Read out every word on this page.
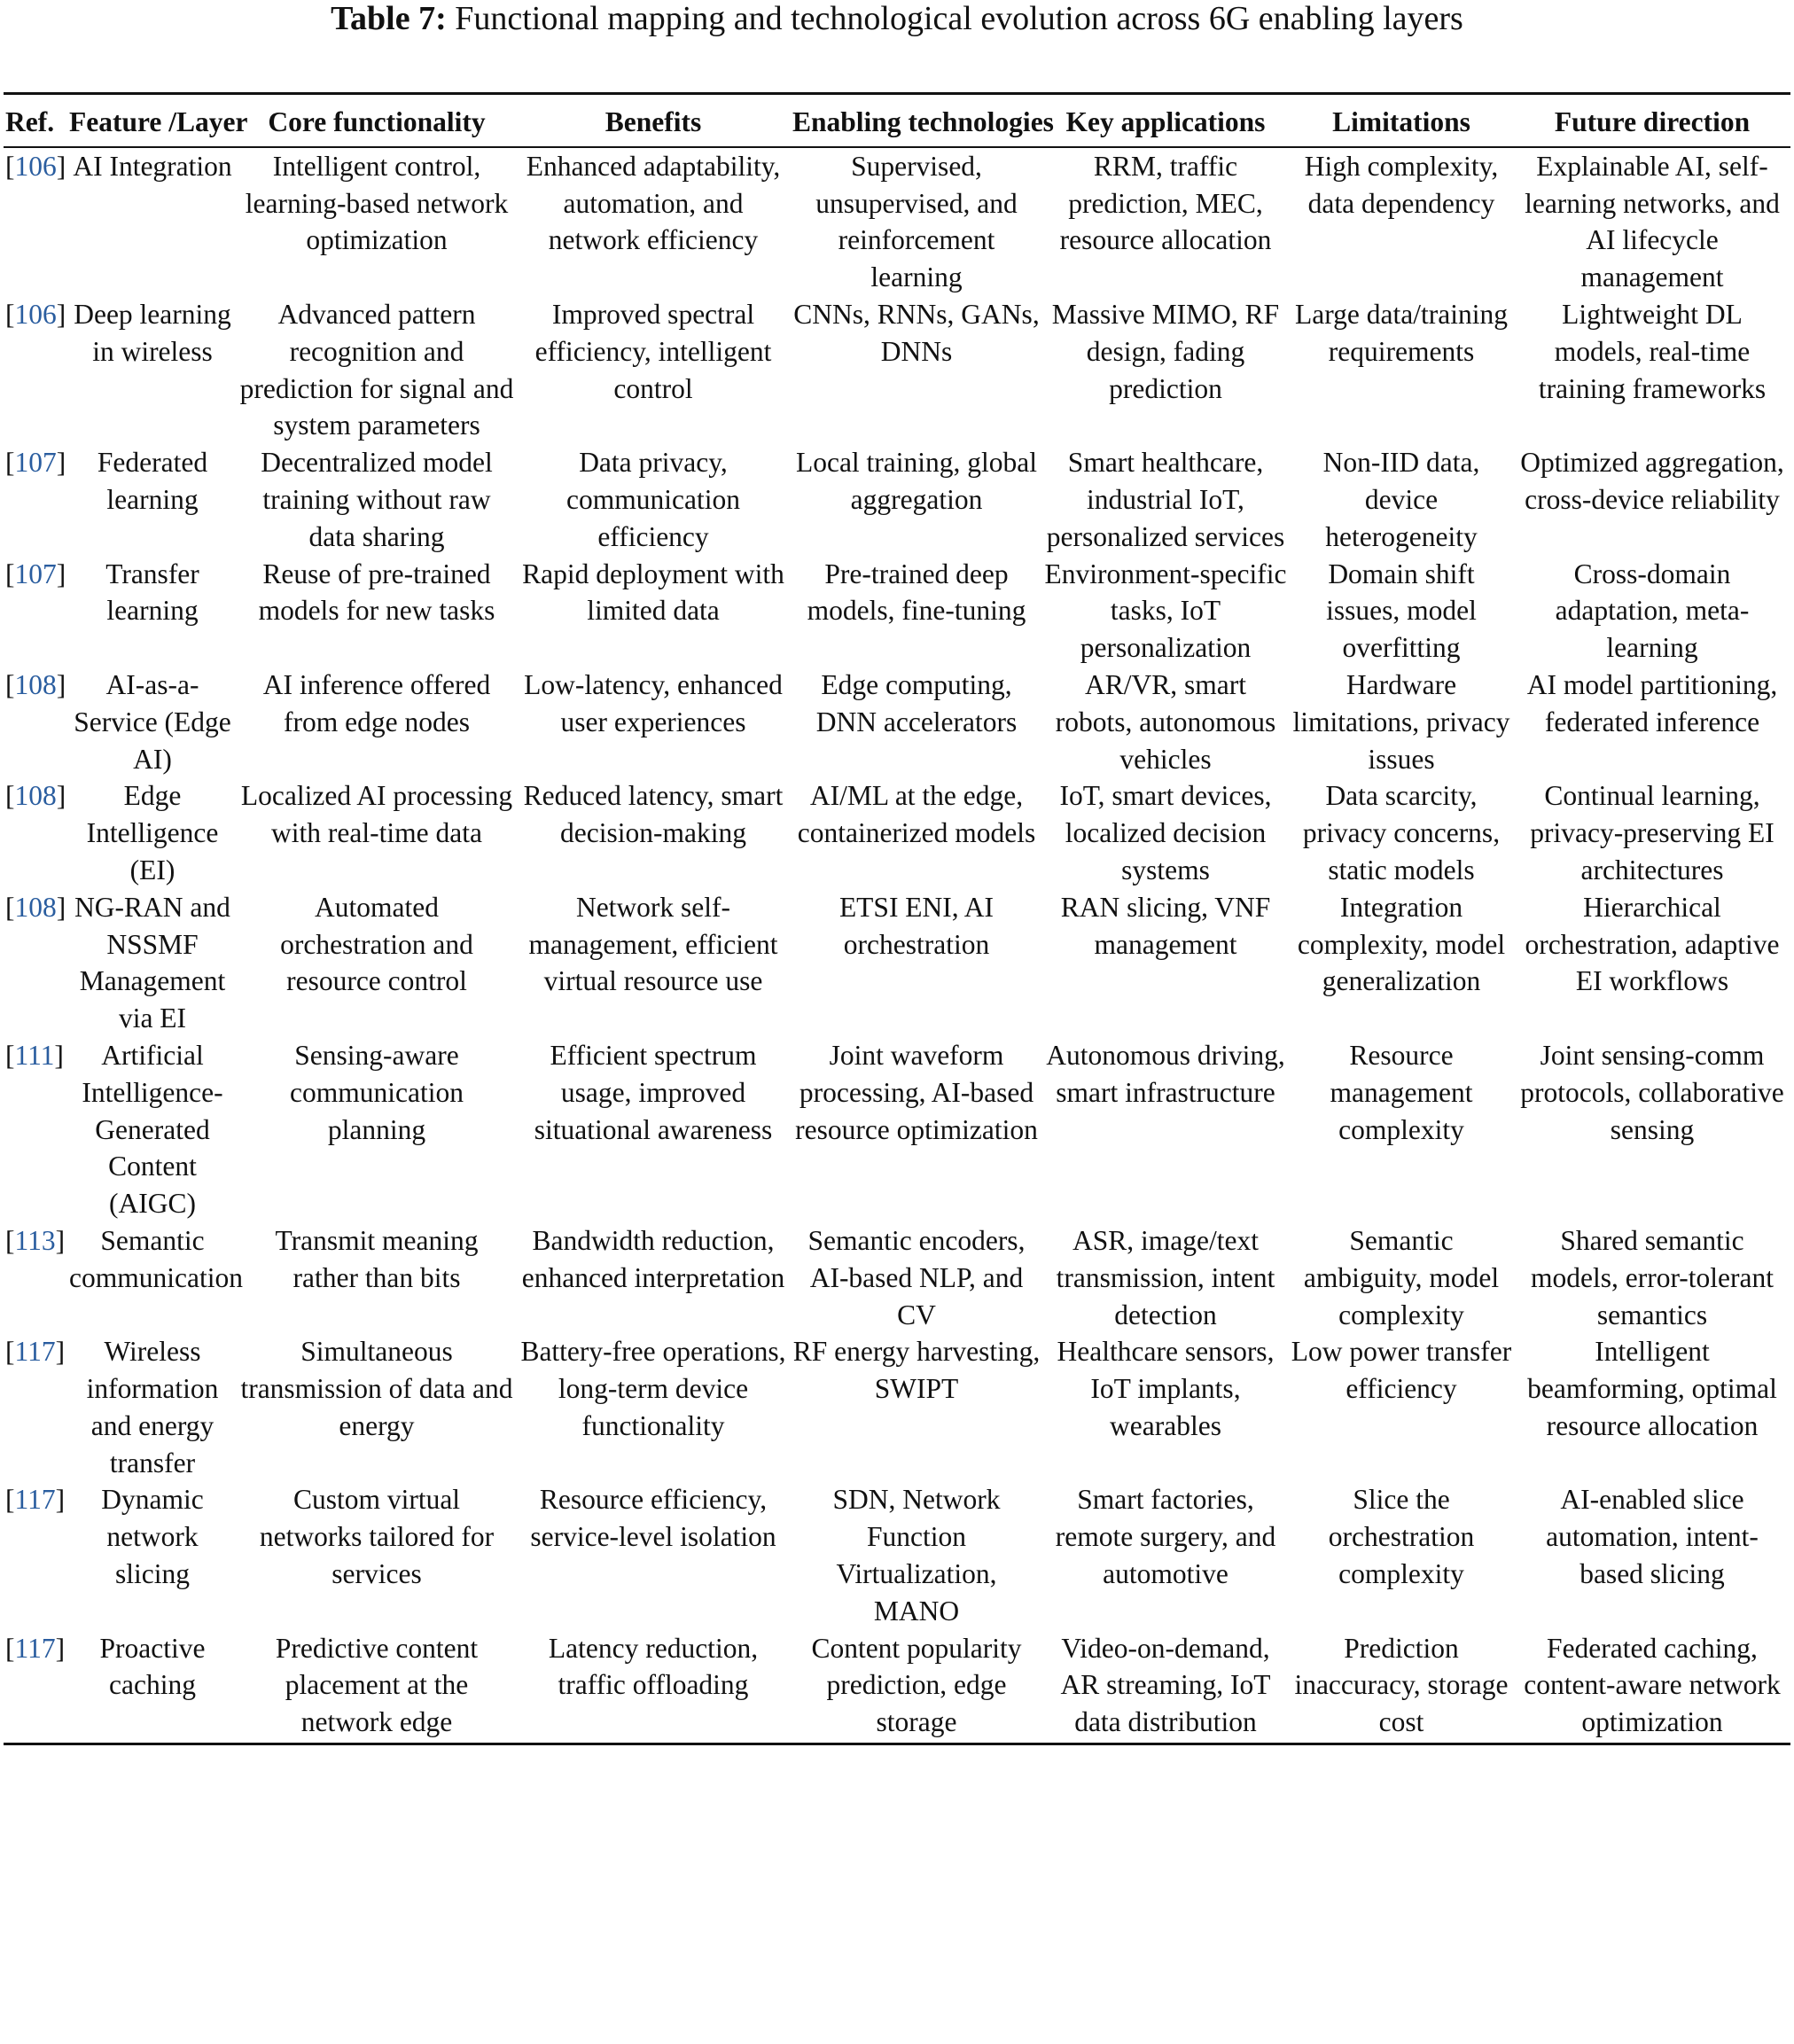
Table 7: Functional mapping and technological evolution across 6G enabling layers
Ref.	Feature /Layer	Core functionality	Benefits	Enabling technologies	Key applications	Limitations	Future direction
[106]	AI Integration	Intelligent control, learning-based network optimization	Enhanced adaptability, automation, and network efficiency	Supervised, unsupervised, and reinforcement learning	RRM, traffic prediction, MEC, resource allocation	High complexity, data dependency	Explainable AI, self-learning networks, and AI lifecycle management
[106]	Deep learning in wireless	Advanced pattern recognition and prediction for signal and system parameters	Improved spectral efficiency, intelligent control	CNNs, RNNs, GANs, DNNs	Massive MIMO, RF design, fading prediction	Large data/training requirements	Lightweight DL models, real-time training frameworks
[107]	Federated learning	Decentralized model training without raw data sharing	Data privacy, communication efficiency	Local training, global aggregation	Smart healthcare, industrial IoT, personalized services	Non-IID data, device heterogeneity	Optimized aggregation, cross-device reliability
[107]	Transfer learning	Reuse of pre-trained models for new tasks	Rapid deployment with limited data	Pre-trained deep models, fine-tuning	Environment-specific tasks, IoT personalization	Domain shift issues, model overfitting	Cross-domain adaptation, meta-learning
[108]	AI-as-a-Service (Edge AI)	AI inference offered from edge nodes	Low-latency, enhanced user experiences	Edge computing, DNN accelerators	AR/VR, smart robots, autonomous vehicles	Hardware limitations, privacy issues	AI model partitioning, federated inference
[108]	Edge Intelligence (EI)	Localized AI processing with real-time data	Reduced latency, smart decision-making	AI/ML at the edge, containerized models	IoT, smart devices, localized decision systems	Data scarcity, privacy concerns, static models	Continual learning, privacy-preserving EI architectures
[108]	NG-RAN and NSSMF Management via EI	Automated orchestration and resource control	Network self-management, efficient virtual resource use	ETSI ENI, AI orchestration	RAN slicing, VNF management	Integration complexity, model generalization	Hierarchical orchestration, adaptive EI workflows
[111]	Artificial Intelligence-Generated Content (AIGC)	Sensing-aware communication planning	Efficient spectrum usage, improved situational awareness	Joint waveform processing, AI-based resource optimization	Autonomous driving, smart infrastructure	Resource management complexity	Joint sensing-comm protocols, collaborative sensing
[113]	Semantic communication	Transmit meaning rather than bits	Bandwidth reduction, enhanced interpretation	Semantic encoders, AI-based NLP, and CV	ASR, image/text transmission, intent detection	Semantic ambiguity, model complexity	Shared semantic models, error-tolerant semantics
[117]	Wireless information and energy transfer	Simultaneous transmission of data and energy	Battery-free operations, long-term device functionality	RF energy harvesting, SWIPT	Healthcare sensors, IoT implants, wearables	Low power transfer efficiency	Intelligent beamforming, optimal resource allocation
[117]	Dynamic network slicing	Custom virtual networks tailored for services	Resource efficiency, service-level isolation	SDN, Network Function Virtualization, MANO	Smart factories, remote surgery, and automotive	Slice the orchestration complexity	AI-enabled slice automation, intent-based slicing
[117]	Proactive caching	Predictive content placement at the network edge	Latency reduction, traffic offloading	Content popularity prediction, edge storage	Video-on-demand, AR streaming, IoT data distribution	Prediction inaccuracy, storage cost	Federated caching, content-aware network optimization
